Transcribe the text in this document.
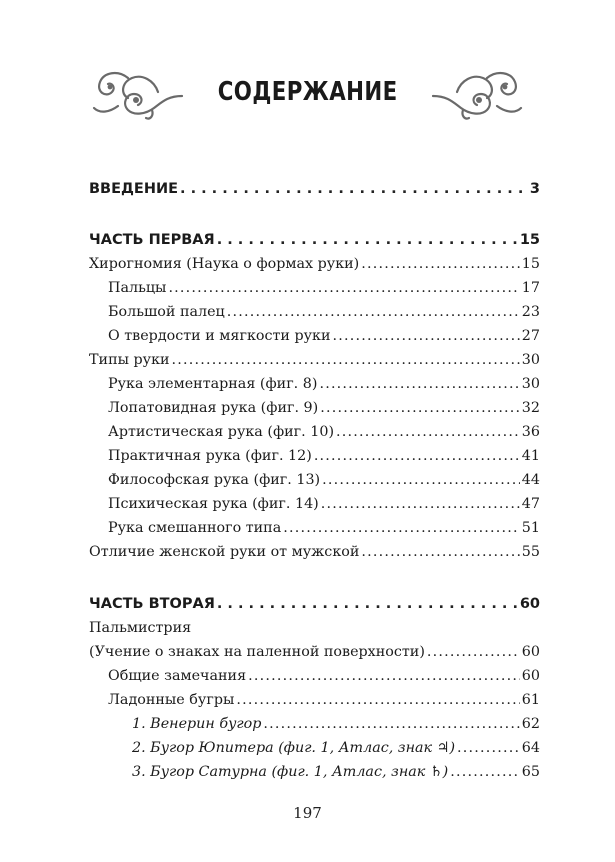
СОДЕРЖАНИЕ
ВВЕДЕНИЕ . . .	3
ЧАСТЬ ПЕРВАЯ . . .	15
Хирогномия (Наука о формах руки) .....	15
Пальцы .....	17
Большой палец .....	23
О твердости и мягкости руки .....	27
Типы руки .....	30
Рука элементарная (фиг. 8) .....	30
Лопатовидная рука (фиг. 9) .....	32
Артистическая рука (фиг. 10) .....	36
Практичная рука (фиг. 12) .....	41
Философская рука (фиг. 13) .....	44
Психическая рука (фиг. 14) .....	47
Рука смешанного типа .....	51
Отличие женской руки от мужской .....	55
ЧАСТЬ ВТОРАЯ . . .	60
Пальмистрия
(Учение о знаках на паленной поверхности) .....	60
Общие замечания .....	60
Ладонные бугры .....	61
1. Венерин бугор .....	62
2. Бугор Юпитера (фиг. 1, Атлас, знак ♃) .....	64
3. Бугор Сатурна (фиг. 1, Атлас, знак ♄) .....	65
197
